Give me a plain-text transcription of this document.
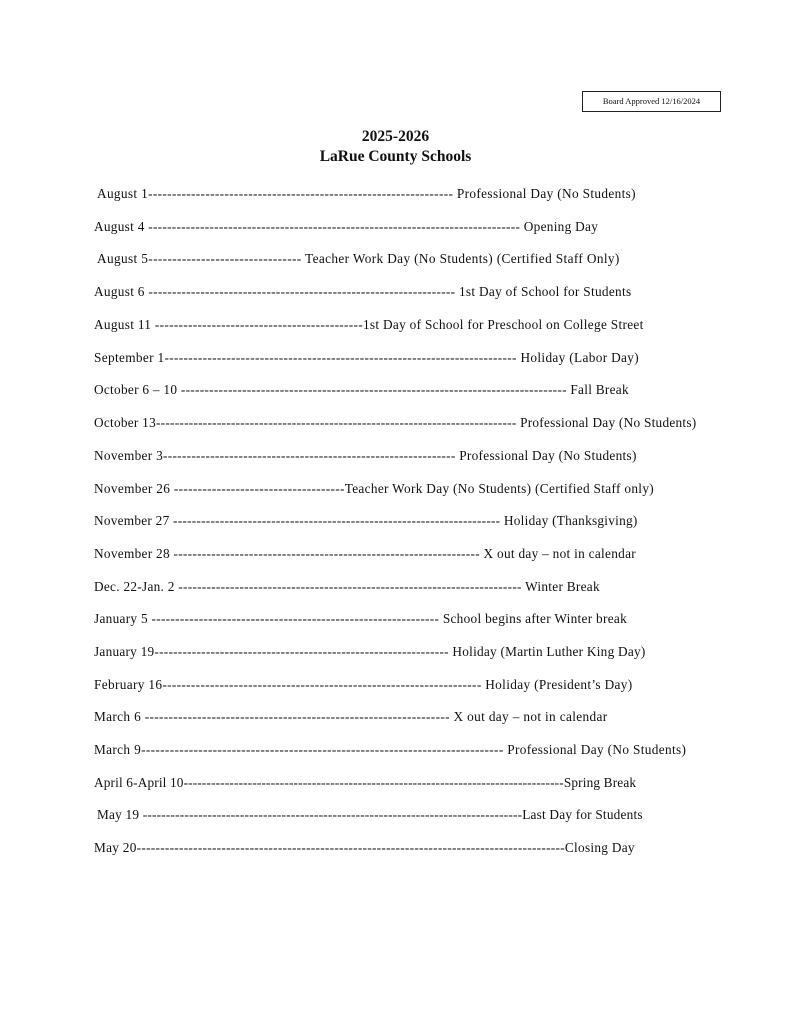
Board Approved 12/16/2024
2025-2026
LaRue County Schools
August 1---------------------------------------------------------------- Professional Day (No Students)
August 4 ------------------------------------------------------------------------------- Opening Day
August 5-------------------------------- Teacher Work Day (No Students) (Certified Staff Only)
August 6 ----------------------------------------------------------------- 1st Day of School for Students
August 11 --------------------------------------------1st Day of School for Preschool on College Street
September 1-------------------------------------------------------------------------- Holiday (Labor Day)
October 6 – 10 ---------------------------------------------------------------------------------- Fall Break
October 13----------------------------------------------------------------------------- Professional Day (No Students)
November 3-------------------------------------------------------------- Professional Day (No Students)
November 26 ------------------------------------Teacher Work Day (No Students) (Certified Staff only)
November 27 ---------------------------------------------------------------------- Holiday (Thanksgiving)
November 28 ----------------------------------------------------------------- X out day – not in calendar
Dec. 22-Jan. 2 ------------------------------------------------------------------------- Winter Break
January 5 ------------------------------------------------------------- School begins after Winter break
January 19--------------------------------------------------------------- Holiday (Martin Luther King Day)
February 16------------------------------------------------------------------- Holiday (President’s Day)
March 6 ---------------------------------------------------------------- X out day – not in calendar
March 9---------------------------------------------------------------------------- Professional Day (No Students)
April 6-April 10-----------------------------------------------------------------------------------Spring Break
May 19 ----------------------------------------------------------------------------------Last Day for Students
May 20-------------------------------------------------------------------------------------------Closing Day
